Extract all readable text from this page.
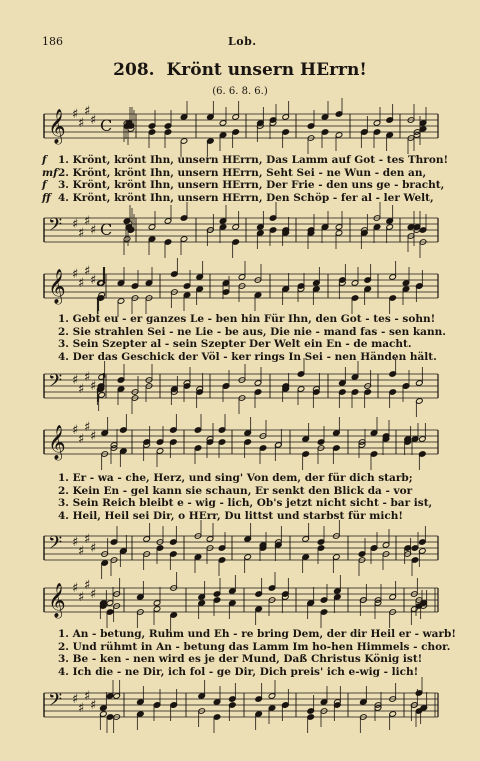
186	Lob.
208. Krönt unsern HErrn!
(6. 6. 8. 6.)
𝄞 ♯
♯
♯
♯ C
𝄢 ♯
♯
♯
♯ C
f 1. Krönt, krönt Ihn, unsern HErrn, Das Lamm auf Got - tes Thron!
mf 2. Krönt, krönt Ihn, unsern HErrn, Seht Sei - ne Wun - den an,
f 3. Krönt, krönt Ihn, unsern HErrn, Der Frie - den uns ge - bracht,
ff 4. Krönt, krönt Ihn, unsern HErrn, Den Schöp - fer al - ler Welt,
𝄞 ♯
♯
♯
♯
𝄢 ♯
♯
♯
♯
1. Gebt eu - er ganzes Le - ben hin Für Ihn, den Got - tes - sohn!
2. Sie strahlen Sei - ne Lie - be aus, Die nie - mand fas - sen kann.
3. Sein Szepter al - sein Szepter Der Welt ein En - de macht.
4. Der das Geschick der Völ - ker rings In Sei - nen Händen hält.
𝄞 ♯
♯
♯
♯
𝄢 ♯
♯
♯
♯
1. Er - wa - che, Herz, und sing' Von dem, der für dich starb;
2. Kein En - gel kann sie schaun, Er senkt den Blick da - vor
3. Sein Reich bleibt e - wig - lich, Ob's jetzt nicht sicht - bar ist,
4. Heil, Heil sei Dir, o HErr, Du littst und starbst für mich!
𝄞 ♯
♯
♯
♯
𝄢 ♯
♯
♯
♯
1. An - betung, Ruhm und Eh - re bring Dem, der dir Heil er - warb!
2. Und rühmt in An - betung das Lamm Im ho-hen Himmels - chor.
3. Be - ken - nen wird es je der Mund, Daß Christus König ist!
4. Ich die - ne Dir, ich fol - ge Dir, Dich preis' ich e-wig - lich!
